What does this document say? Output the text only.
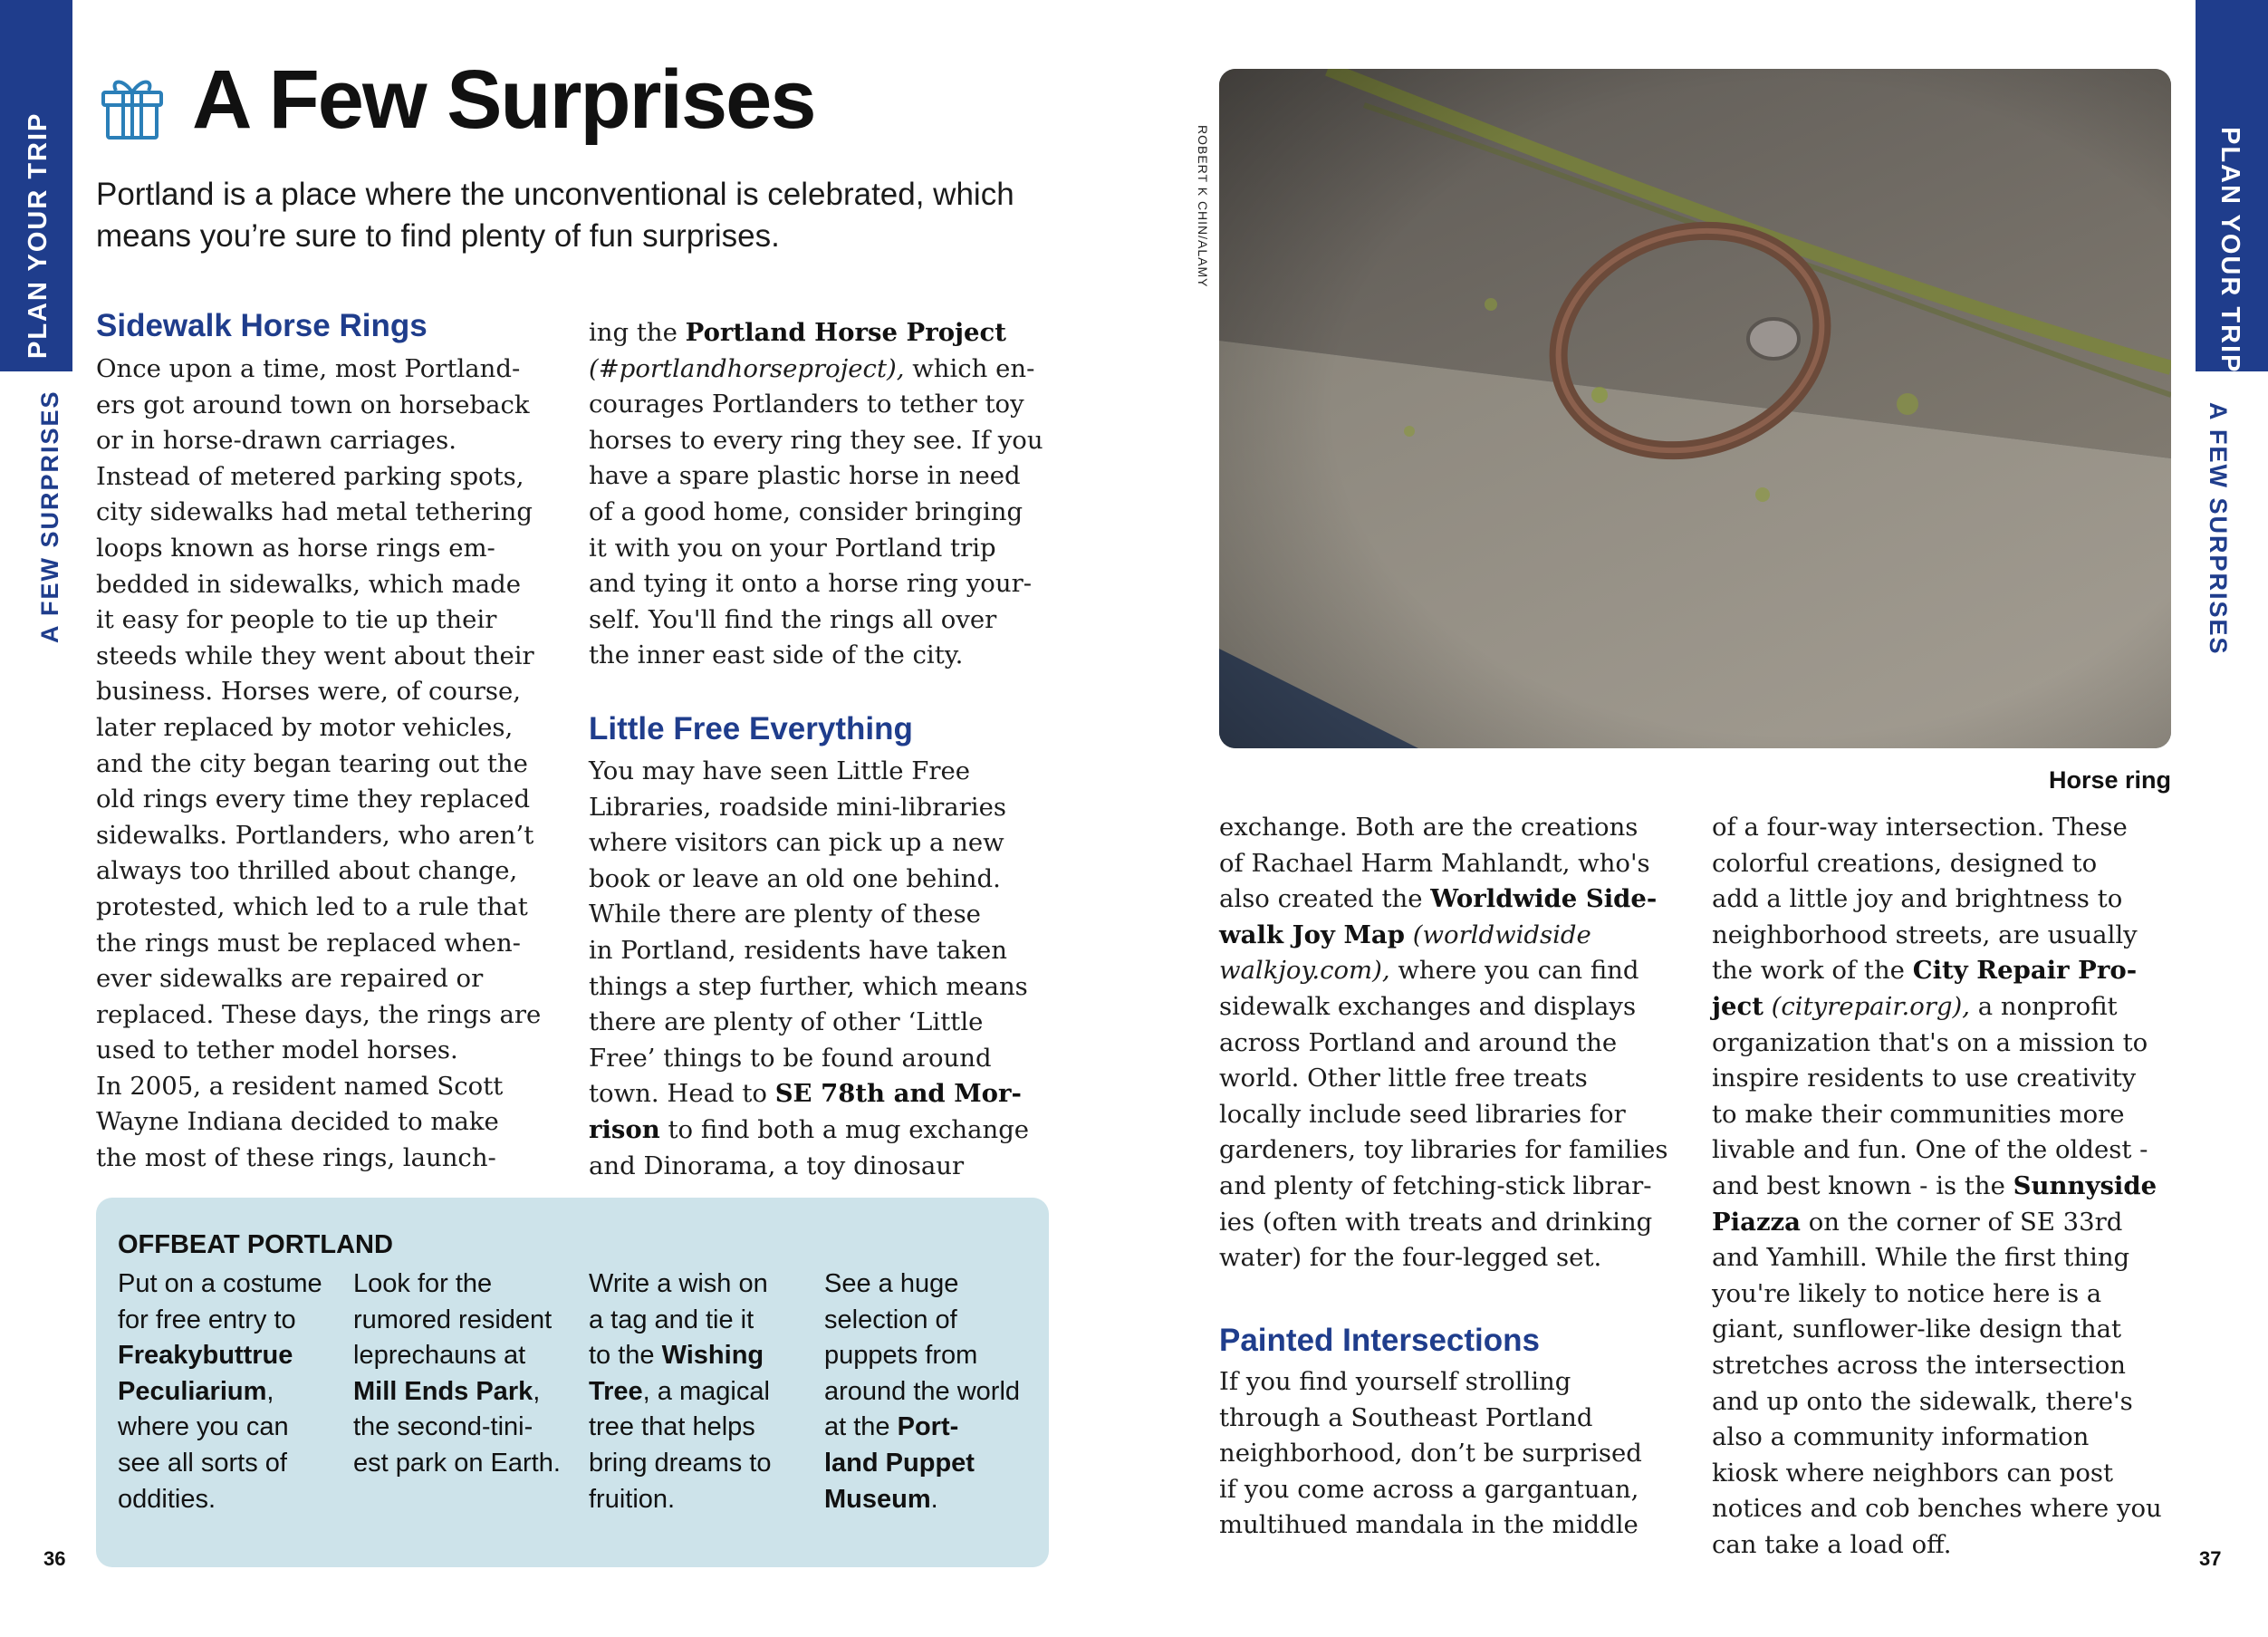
PLAN YOUR TRIP
A FEW SURPRISES
PLAN YOUR TRIP
A FEW SURPRISES
A Few Surprises
Portland is a place where the unconventional is celebrated, which
means you’re sure to find plenty of fun surprises.
Sidewalk Horse Rings
Once upon a time, most Portland-
ers got around town on horseback
or in horse-drawn carriages.
Instead of metered parking spots,
city sidewalks had metal tethering
loops known as horse rings em-
bedded in sidewalks, which made
it easy for people to tie up their
steeds while they went about their
business. Horses were, of course,
later replaced by motor vehicles,
and the city began tearing out the
old rings every time they replaced
sidewalks. Portlanders, who aren’t
always too thrilled about change,
protested, which led to a rule that
the rings must be replaced when-
ever sidewalks are repaired or
replaced. These days, the rings are
used to tether model horses.
In 2005, a resident named Scott
Wayne Indiana decided to make
the most of these rings, launch-
ing the Portland Horse Project
(#portlandhorseproject), which en-
courages Portlanders to tether toy
horses to every ring they see. If you
have a spare plastic horse in need
of a good home, consider bringing
it with you on your Portland trip
and tying it onto a horse ring your-
self. You'll find the rings all over
the inner east side of the city.
Little Free Everything
You may have seen Little Free
Libraries, roadside mini-libraries
where visitors can pick up a new
book or leave an old one behind.
While there are plenty of these
in Portland, residents have taken
things a step further, which means
there are plenty of other ‘Little
Free’ things to be found around
town. Head to SE 78th and Mor-
rison to find both a mug exchange
and Dinorama, a toy dinosaur
OFFBEAT PORTLAND
Put on a costume
for free entry to
Freakybuttrue
Peculiarium,
where you can
see all sorts of
oddities.
Look for the
rumored resident
leprechauns at
Mill Ends Park,
the second-tini-
est park on Earth.
Write a wish on
a tag and tie it
to the Wishing
Tree, a magical
tree that helps
bring dreams to
fruition.
See a huge
selection of
puppets from
around the world
at the Port-
land Puppet
Museum.
ROBERT K CHIN/ALAMY
Horse ring
exchange. Both are the creations
of Rachael Harm Mahlandt, who's
also created the Worldwide Side-
walk Joy Map (worldwidside
walkjoy.com), where you can find
sidewalk exchanges and displays
across Portland and around the
world. Other little free treats
locally include seed libraries for
gardeners, toy libraries for families
and plenty of fetching-stick librar-
ies (often with treats and drinking
water) for the four-legged set.
Painted Intersections
If you find yourself strolling
through a Southeast Portland
neighborhood, don’t be surprised
if you come across a gargantuan,
multihued mandala in the middle
of a four-way intersection. These
colorful creations, designed to
add a little joy and brightness to
neighborhood streets, are usually
the work of the City Repair Pro-
ject (cityrepair.org), a nonprofit
organization that's on a mission to
inspire residents to use creativity
to make their communities more
livable and fun. One of the oldest -
and best known - is the Sunnyside
Piazza on the corner of SE 33rd
and Yamhill. While the first thing
you're likely to notice here is a
giant, sunflower-like design that
stretches across the intersection
and up onto the sidewalk, there's
also a community information
kiosk where neighbors can post
notices and cob benches where you
can take a load off.
36	37
